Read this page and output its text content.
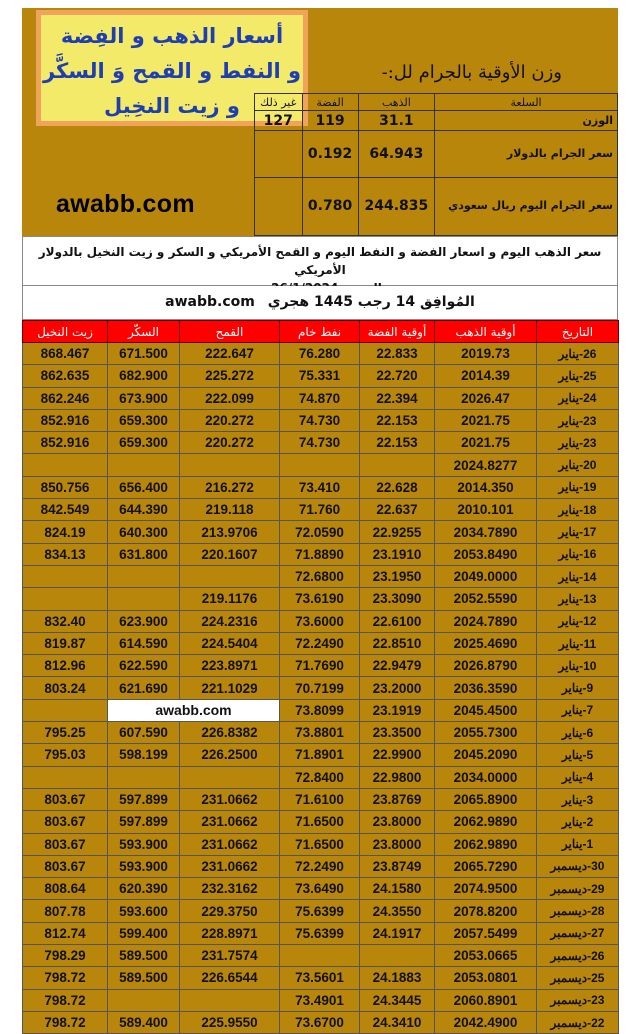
أسعار الذهب و الفِضة
و النفط و القمح وَ السكَّر
و زيت النخِيل
وزن الأوقية بالجرام لل:-
awabb.com
السلعة	الذهب	الفضة	غير ذلك
الوزن	31.1	119	127
سعر الجرام بالدولار	64.943	0.192	
سعر الجرام اليوم ريال سعودي	244.835	0.780	
سعر الذهب اليوم و اسعار الفضة و النفط اليوم و القمح الأمريكي و السكر و زيت النخيل بالدولار الأمريكي
awabb.com المُوافِق 14 رجب 1445 هجري
التاريخ	أوقية الذهب	أوقية الفضة	نفط خام	القمح	السكّر	زيت النخيل
26-يناير	2019.73	22.833	76.280	222.647	671.500	868.467
25-يناير	2014.39	22.720	75.331	225.272	682.900	862.635
24-يناير	2026.47	22.394	74.870	222.099	673.900	862.246
23-يناير	2021.75	22.153	74.730	220.272	659.300	852.916
23-يناير	2021.75	22.153	74.730	220.272	659.300	852.916
20-يناير	2024.8277					
19-يناير	2014.350	22.628	73.410	216.272	656.400	850.756
18-يناير	2010.101	22.637	71.760	219.118	644.390	842.549
17-يناير	2034.7890	22.9255	72.0590	213.9706	640.300	824.19
16-يناير	2053.8490	23.1910	71.8890	220.1607	631.800	834.13
14-يناير	2049.0000	23.1950	72.6800			
13-يناير	2052.5590	23.3090	73.6190	219.1176		
12-يناير	2024.7890	22.6100	73.6000	224.2316	623.900	832.40
11-يناير	2025.4690	22.8510	72.2490	224.5404	614.590	819.87
10-يناير	2026.8790	22.9479	71.7690	223.8971	622.590	812.96
9-يناير	2036.3590	23.2000	70.7199	221.1029	621.690	803.24
7-يناير	2045.4500	23.1919	73.8099	awabb.com		
6-يناير	2055.7300	23.3500	73.8801	226.8382	607.590	795.25
5-يناير	2045.2090	22.9900	71.8901	226.2500	598.199	795.03
4-يناير	2034.0000	22.9800	72.8400			
3-يناير	2065.8900	23.8769	71.6100	231.0662	597.899	803.67
2-يناير	2062.9890	23.8000	71.6500	231.0662	597.899	803.67
1-يناير	2062.9890	23.8000	71.6500	231.0662	593.900	803.67
30-ديسمبر	2065.7290	23.8749	72.2490	231.0662	593.900	803.67
29-ديسمبر	2074.9500	24.1580	73.6490	232.3162	620.390	808.64
28-ديسمبر	2078.8200	24.3550	75.6399	229.3750	593.600	807.78
27-ديسمبر	2057.5499	24.1917	75.6399	228.8971	599.400	812.74
26-ديسمبر	2053.0665			231.7574	589.500	798.29
25-ديسمبر	2053.0801	24.1883	73.5601	226.6544	589.500	798.72
23-ديسمبر	2060.8901	24.3445	73.4901			798.72
22-ديسمبر	2042.4900	24.3410	73.6700	225.9550	589.400	798.72
